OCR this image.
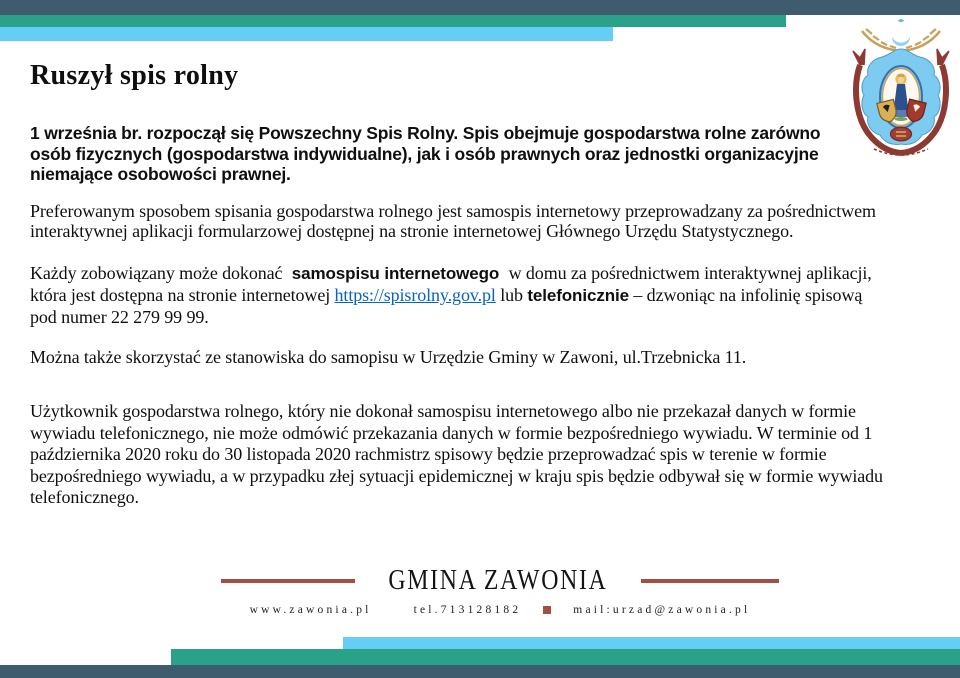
Ruszył spis rolny

1 września br. rozpoczął się Powszechny Spis Rolny. Spis obejmuje gospodarstwa rolne zarówno osób fizycznych (gospodarstwa indywidualne), jak i osób prawnych oraz jednostki organizacyjne niemające osobowości prawnej.

Preferowanym sposobem spisania gospodarstwa rolnego jest samospis internetowy przeprowadzany za pośrednictwem interaktywnej aplikacji formularzowej dostępnej na stronie internetowej Głównego Urzędu Statystycznego.

Każdy zobowiązany może dokonać samospisu internetowego w domu za pośrednictwem interaktywnej aplikacji, która jest dostępna na stronie internetowej https://spisrolny.gov.pl lub telefonicznie – dzwoniąc na infolinię spisową pod numer 22 279 99 99.

Można także skorzystać ze stanowiska do samopisu w Urzędzie Gminy w Zawoni, ul.Trzebnicka 11.

Użytkownik gospodarstwa rolnego, który nie dokonał samospisu internetowego albo nie przekazał danych w formie wywiadu telefonicznego, nie może odmówić przekazania danych w formie bezpośredniego wywiadu. W terminie od 1 października 2020 roku do 30 listopada 2020 rachmistrz spisowy będzie przeprowadzać spis w terenie w formie bezpośredniego wywiadu, a w przypadku złej sytuacji epidemicznej w kraju spis będzie odbywał się w formie wywiadu telefonicznego.

GMINA ZAWONIA
www.zawonia.pl	tel.713128182	mail:urzad@zawonia.pl
